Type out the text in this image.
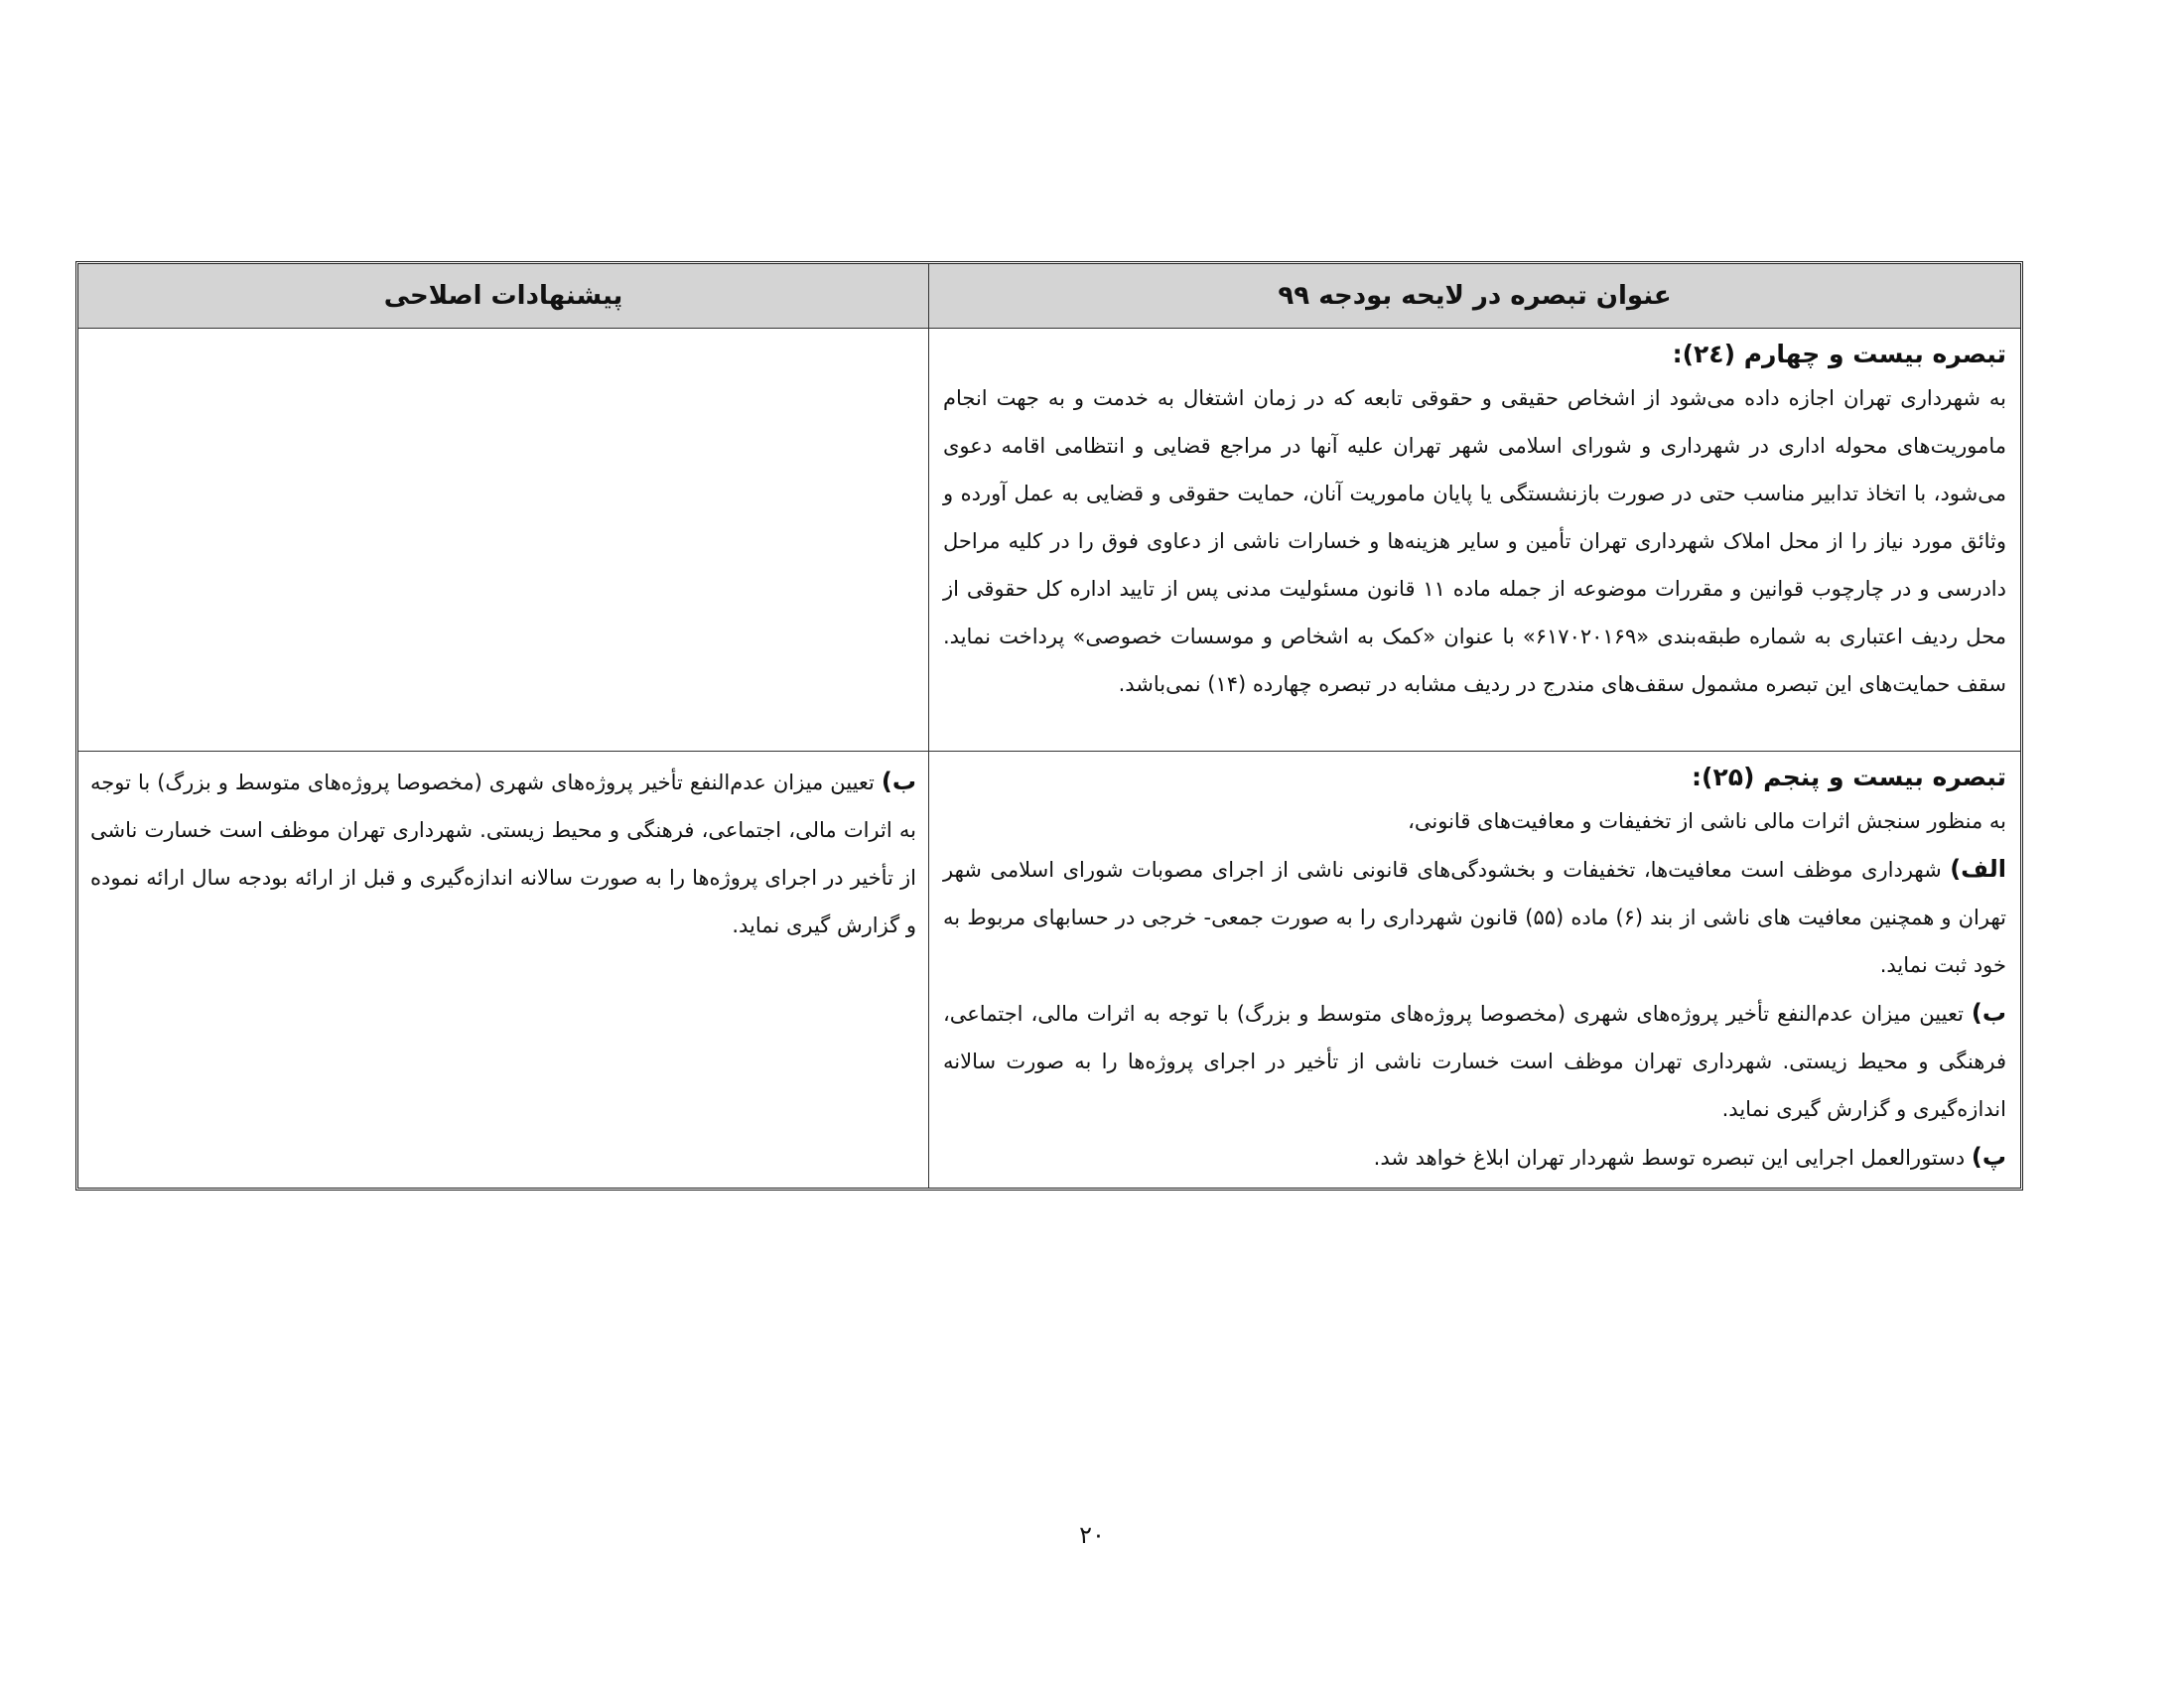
عنوان تبصره در لایحه بودجه ۹۹
پیشنهادات اصلاحی

تبصره بیست و چهارم (۲٤):

به شهرداری تهران اجازه داده می‌شود از اشخاص حقیقی و حقوقی تابعه که در زمان اشتغال به خدمت و به جهت انجام ماموریت‌های محوله اداری در شهرداری و شورای اسلامی شهر تهران علیه آنها در مراجع قضایی و انتظامی اقامه دعوی می‌شود، با اتخاذ تدابیر مناسب حتی در صورت بازنشستگی یا پایان ماموریت آنان، حمایت حقوقی و قضایی به عمل آورده و وثائق مورد نیاز را از محل املاک شهرداری تهران تأمین و سایر هزینه‌ها و خسارات ناشی از دعاوی فوق را در کلیه مراحل دادرسی و در چارچوب قوانین و مقررات موضوعه از جمله ماده ۱۱ قانون مسئولیت مدنی پس از تایید اداره کل حقوقی از محل ردیف اعتباری به شماره طبقه‌بندی «۶۱۷۰۲۰۱۶۹» با عنوان «کمک به اشخاص و موسسات خصوصی» پرداخت نماید. سقف حمایت‌های این تبصره مشمول سقف‌های مندرج در ردیف مشابه در تبصره چهارده (۱۴) نمی‌باشد.

تبصره بیست و پنجم (۲۵):

به منظور سنجش اثرات مالی ناشی از تخفیفات و معافیت‌های قانونی،

الف) شهرداری موظف است معافیت‌ها، تخفیفات و بخشودگی‌های قانونی ناشی از اجرای مصوبات شورای اسلامی شهر تهران و همچنین معافیت های ناشی از بند (۶) ماده (۵۵) قانون شهرداری را به صورت جمعی- خرجی در حسابهای مربوط به خود ثبت نماید.

ب) تعیین میزان عدم‌النفع تأخیر پروژه‌های شهری (مخصوصا پروژه‌های متوسط و بزرگ) با توجه به اثرات مالی، اجتماعی، فرهنگی و محیط زیستی. شهرداری تهران موظف است خسارت ناشی از تأخیر در اجرای پروژه‌ها را به صورت سالانه اندازه‌گیری و گزارش گیری نماید.

پ) دستورالعمل اجرایی این تبصره توسط شهردار تهران ابلاغ خواهد شد.

ب) تعیین میزان عدم‌النفع تأخیر پروژه‌های شهری (مخصوصا پروژه‌های متوسط و بزرگ) با توجه به اثرات مالی، اجتماعی، فرهنگی و محیط زیستی. شهرداری تهران موظف است خسارت ناشی از تأخیر در اجرای پروژه‌ها را به صورت سالانه اندازه‌گیری و قبل از ارائه بودجه سال ارائه نموده و گزارش گیری نماید.

۲۰
